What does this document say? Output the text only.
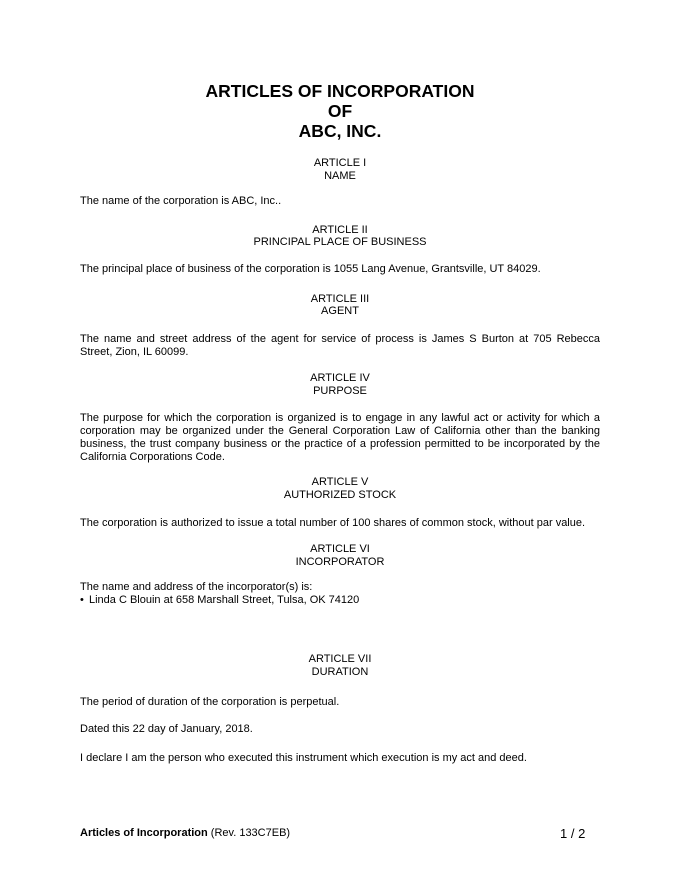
ARTICLES OF INCORPORATION
OF
ABC, INC.
ARTICLE I
NAME
The name of the corporation is ABC, Inc..
ARTICLE II
PRINCIPAL PLACE OF BUSINESS
The principal place of business of the corporation is 1055 Lang Avenue, Grantsville, UT 84029.
ARTICLE III
AGENT
The name and street address of the agent for service of process is James S Burton at 705 Rebecca Street, Zion, IL 60099.
ARTICLE IV
PURPOSE
The purpose for which the corporation is organized is to engage in any lawful act or activity for which a corporation may be organized under the General Corporation Law of California other than the banking business, the trust company business or the practice of a profession permitted to be incorporated by the California Corporations Code.
ARTICLE V
AUTHORIZED STOCK
The corporation is authorized to issue a total number of 100 shares of common stock, without par value.
ARTICLE VI
INCORPORATOR
The name and address of the incorporator(s) is:
• Linda C Blouin at 658 Marshall Street, Tulsa, OK 74120
ARTICLE VII
DURATION
The period of duration of the corporation is perpetual.
Dated this 22 day of January, 2018.
I declare I am the person who executed this instrument which execution is my act and deed.
Articles of Incorporation (Rev. 133C7EB)	1 / 2
